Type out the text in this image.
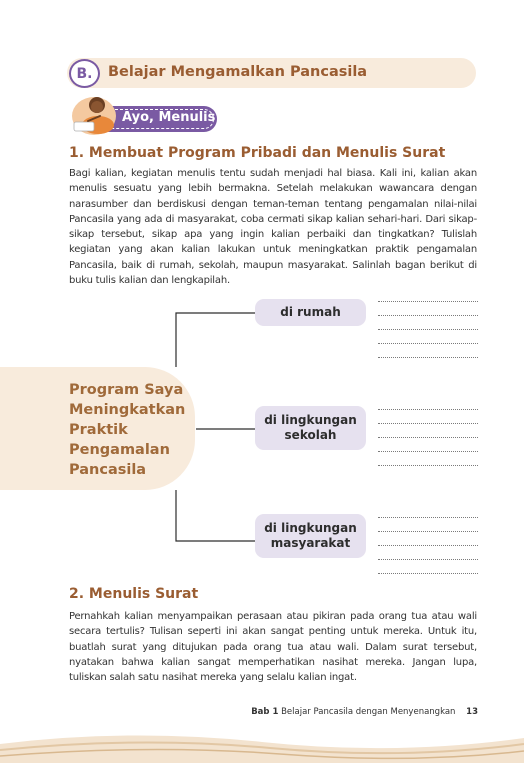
B.	Belajar Mengamalkan Pancasila
Ayo, Menulis
1. Membuat Program Pribadi dan Menulis Surat

Bagi kalian, kegiatan menulis tentu sudah menjadi hal biasa. Kali ini, kalian akan menulis sesuatu yang lebih bermakna. Setelah melakukan wawancara dengan narasumber dan berdiskusi dengan teman-teman tentang pengamalan nilai-nilai Pancasila yang ada di masyarakat, coba cermati sikap kalian sehari-hari. Dari sikap-sikap tersebut, sikap apa yang ingin kalian perbaiki dan tingkatkan? Tulislah kegiatan yang akan kalian lakukan untuk meningkatkan praktik pengamalan Pancasila, baik di rumah, sekolah, maupun masyarakat. Salinlah bagan berikut di buku tulis kalian dan lengkapilah.

Program Saya Meningkatkan Praktik Pengamalan Pancasila
di rumah
di lingkungan sekolah
di lingkungan masyarakat
2. Menulis Surat

Pernahkah kalian menyampaikan perasaan atau pikiran pada orang tua atau wali secara tertulis? Tulisan seperti ini akan sangat penting untuk mereka. Untuk itu, buatlah surat yang ditujukan pada orang tua atau wali. Dalam surat tersebut, nyatakan bahwa kalian sangat memperhatikan nasihat mereka. Jangan lupa, tuliskan salah satu nasihat mereka yang selalu kalian ingat.

Bab 1 Belajar Pancasila dengan Menyenangkan 13
